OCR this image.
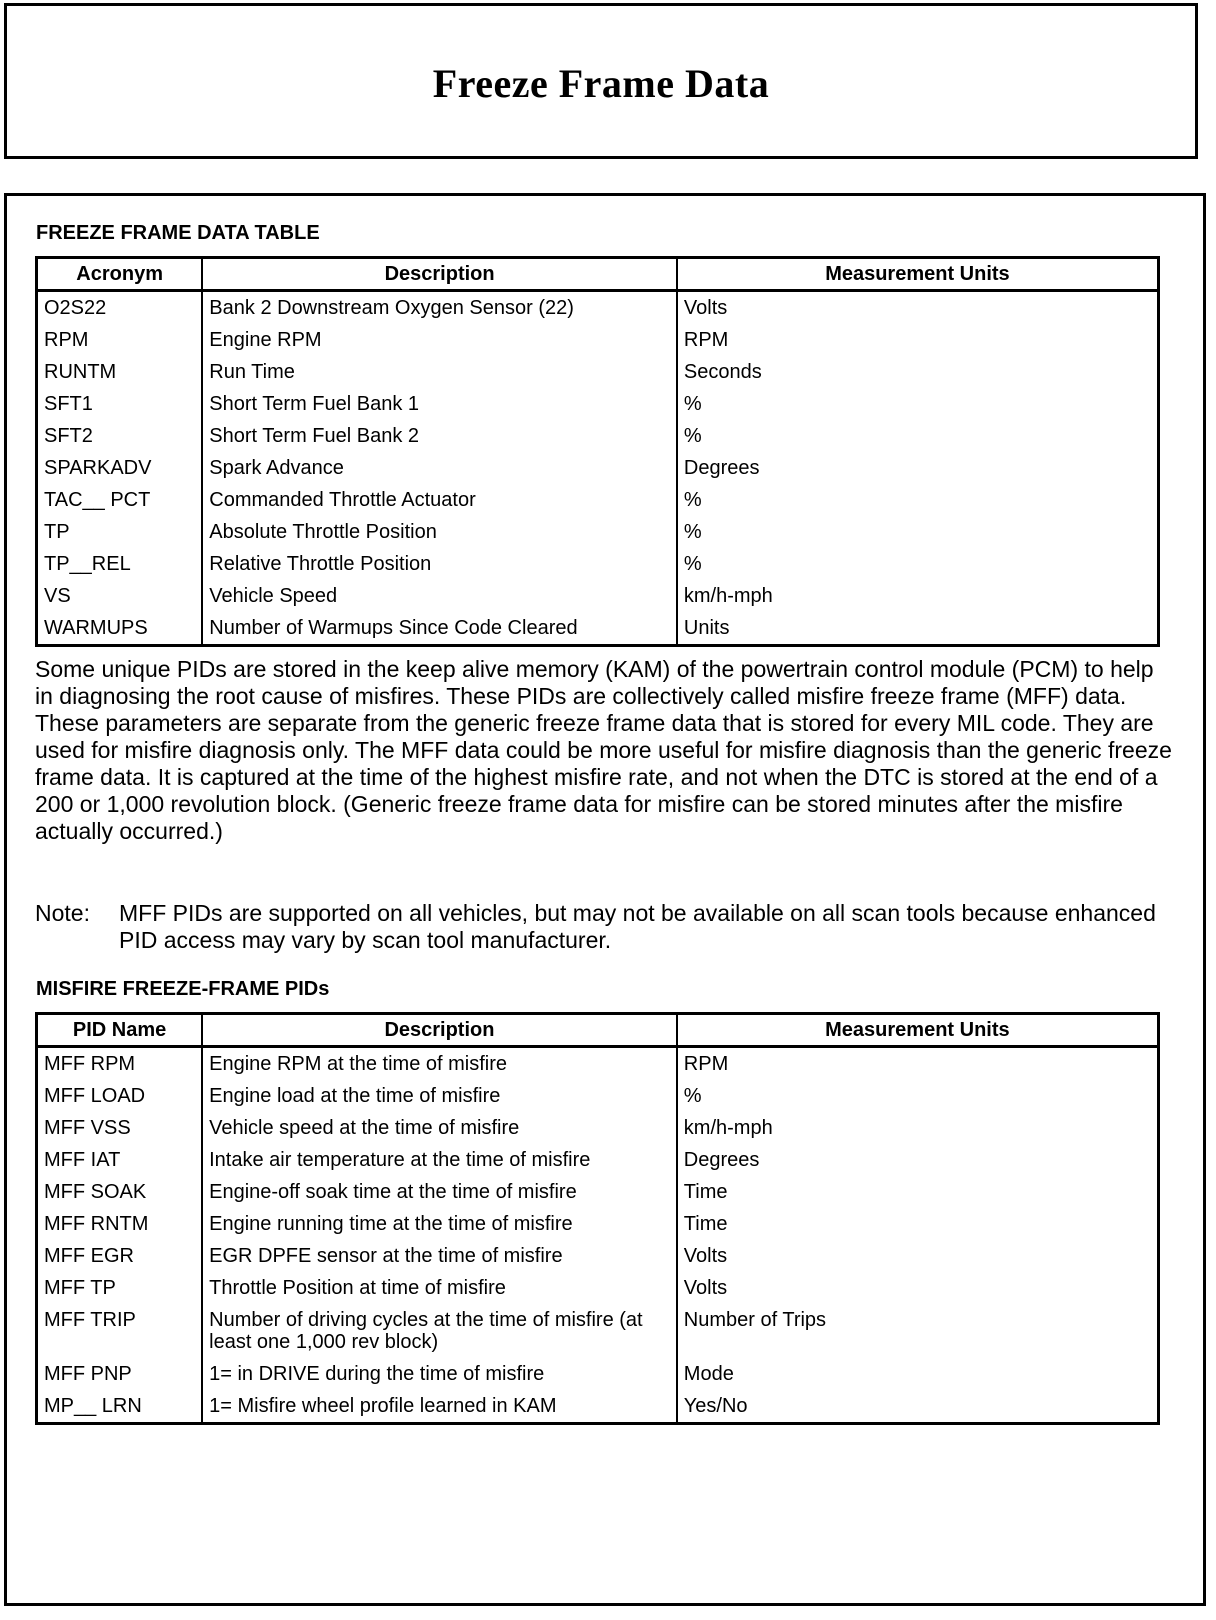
Freeze Frame Data
FREEZE FRAME DATA TABLE
Acronym	Description	Measurement Units
O2S22	Bank 2 Downstream Oxygen Sensor (22)	Volts
RPM	Engine RPM	RPM
RUNTM	Run Time	Seconds
SFT1	Short Term Fuel Bank 1	%
SFT2	Short Term Fuel Bank 2	%
SPARKADV	Spark Advance	Degrees
TAC__ PCT	Commanded Throttle Actuator	%
TP	Absolute Throttle Position	%
TP__REL	Relative Throttle Position	%
VS	Vehicle Speed	km/h-mph
WARMUPS	Number of Warmups Since Code Cleared	Units

Some unique PIDs are stored in the keep alive memory (KAM) of the powertrain control module (PCM) to help in diagnosing the root cause of misfires. These PIDs are collectively called misfire freeze frame (MFF) data. These parameters are separate from the generic freeze frame data that is stored for every MIL code. They are used for misfire diagnosis only. The MFF data could be more useful for misfire diagnosis than the generic freeze frame data. It is captured at the time of the highest misfire rate, and not when the DTC is stored at the end of a 200 or 1,000 revolution block. (Generic freeze frame data for misfire can be stored minutes after the misfire actually occurred.)

Note:	MFF PIDs are supported on all vehicles, but may not be available on all scan tools because enhanced PID access may vary by scan tool manufacturer.
MISFIRE FREEZE-FRAME PIDs
PID Name	Description	Measurement Units
MFF RPM	Engine RPM at the time of misfire	RPM
MFF LOAD	Engine load at the time of misfire	%
MFF VSS	Vehicle speed at the time of misfire	km/h-mph
MFF IAT	Intake air temperature at the time of misfire	Degrees
MFF SOAK	Engine-off soak time at the time of misfire	Time
MFF RNTM	Engine running time at the time of misfire	Time
MFF EGR	EGR DPFE sensor at the time of misfire	Volts
MFF TP	Throttle Position at time of misfire	Volts
MFF TRIP	Number of driving cycles at the time of misfire (at least one 1,000 rev block)	Number of Trips
MFF PNP	1= in DRIVE during the time of misfire	Mode
MP__ LRN	1= Misfire wheel profile learned in KAM	Yes/No
